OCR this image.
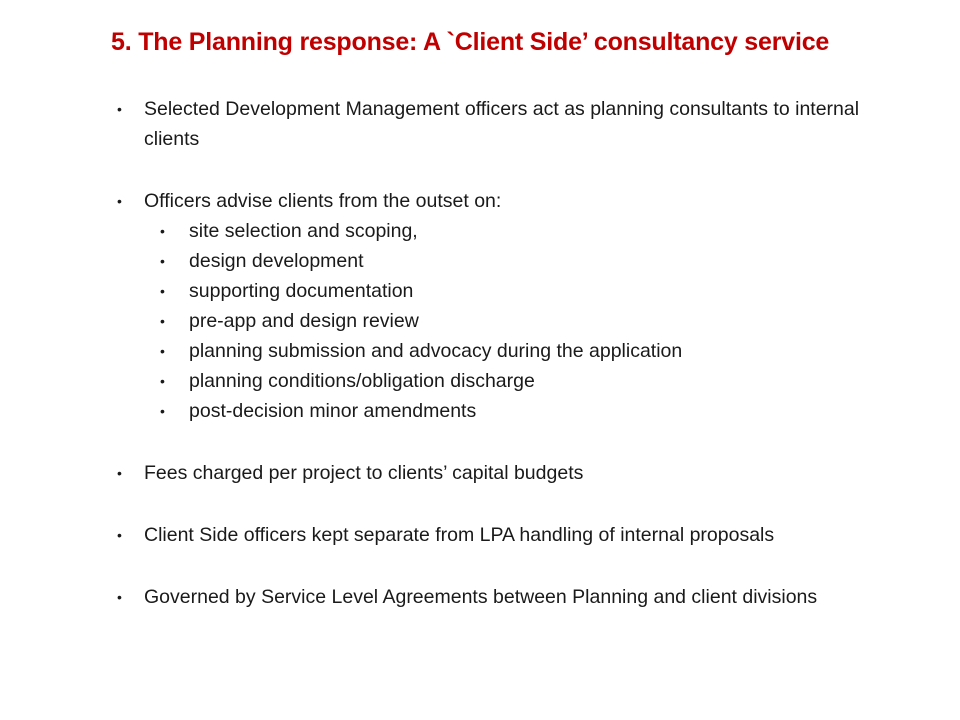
5. The Planning response: A `Client Side’ consultancy service
• Selected Development Management officers act as planning consultants to internal clients
• Officers advise clients from the outset on:
• site selection and scoping,
• design development
• supporting documentation
• pre-app and design review
• planning submission and advocacy during the application
• planning conditions/obligation discharge
• post-decision minor amendments
• Fees charged per project to clients’ capital budgets
• Client Side officers kept separate from LPA handling of internal proposals
• Governed by Service Level Agreements between Planning and client divisions
